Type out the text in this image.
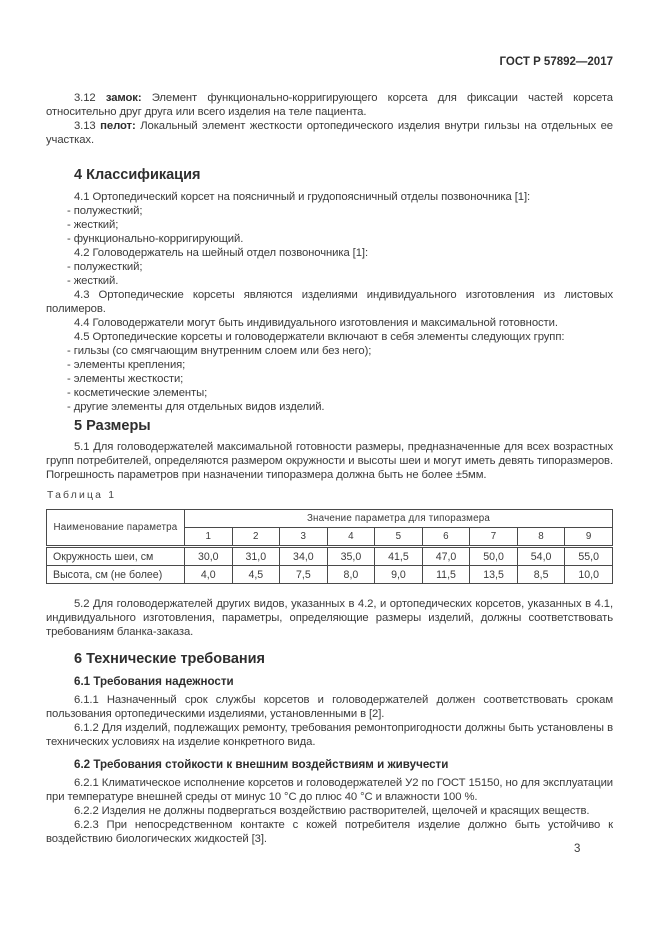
ГОСТ Р 57892—2017

3.12 замок: Элемент функционально-корригирующего корсета для фиксации частей корсета относительно друг друга или всего изделия на теле пациента.

3.13 пелот: Локальный элемент жесткости ортопедического изделия внутри гильзы на отдельных ее участках.

4 Классификация

4.1 Ортопедический корсет на поясничный и грудопоясничный отделы позвоночника [1]:

- полужесткий;

- жесткий;

- функционально-корригирующий.

4.2 Головодержатель на шейный отдел позвоночника [1]:

- полужесткий;

- жесткий.

4.3 Ортопедические корсеты являются изделиями индивидуального изготовления из листовых полимеров.

4.4 Головодержатели могут быть индивидуального изготовления и максимальной готовности.

4.5 Ортопедические корсеты и головодержатели включают в себя элементы следующих групп:

- гильзы (со смягчающим внутренним слоем или без него);

- элементы крепления;

- элементы жесткости;

- косметические элементы;

- другие элементы для отдельных видов изделий.

5 Размеры

5.1 Для головодержателей максимальной готовности размеры, предназначенные для всех возрастных групп потребителей, определяются размером окружности и высоты шеи и могут иметь девять типоразмеров. Погрешность параметров при назначении типоразмера должна быть не более ±5мм.

Таблица 1
Наименование параметра	Значение параметра для типоразмера								
	1	2	3	4	5	6	7	8	9
Окружность шеи, см	30,0	31,0	34,0	35,0	41,5	47,0	50,0	54,0	55,0
Высота, см (не более)	4,0	4,5	7,5	8,0	9,0	11,5	13,5	8,5	10,0

5.2 Для головодержателей других видов, указанных в 4.2, и ортопедических корсетов, указанных в 4.1, индивидуального изготовления, параметры, определяющие размеры изделий, должны соответствовать требованиям бланка-заказа.

6 Технические требования
6.1 Требования надежности

6.1.1 Назначенный срок службы корсетов и головодержателей должен соответствовать срокам пользования ортопедическими изделиями, установленными в [2].

6.1.2 Для изделий, подлежащих ремонту, требования ремонтопригодности должны быть установлены в технических условиях на изделие конкретного вида.

6.2 Требования стойкости к внешним воздействиям и живучести

6.2.1 Климатическое исполнение корсетов и головодержателей У2 по ГОСТ 15150, но для эксплуатации при температуре внешней среды от минус 10 °С до плюс 40 °С и влажности 100 %.

6.2.2 Изделия не должны подвергаться воздействию растворителей, щелочей и красящих веществ.

6.2.3 При непосредственном контакте с кожей потребителя изделие должно быть устойчиво к воздействию биологических жидкостей [3].

3
